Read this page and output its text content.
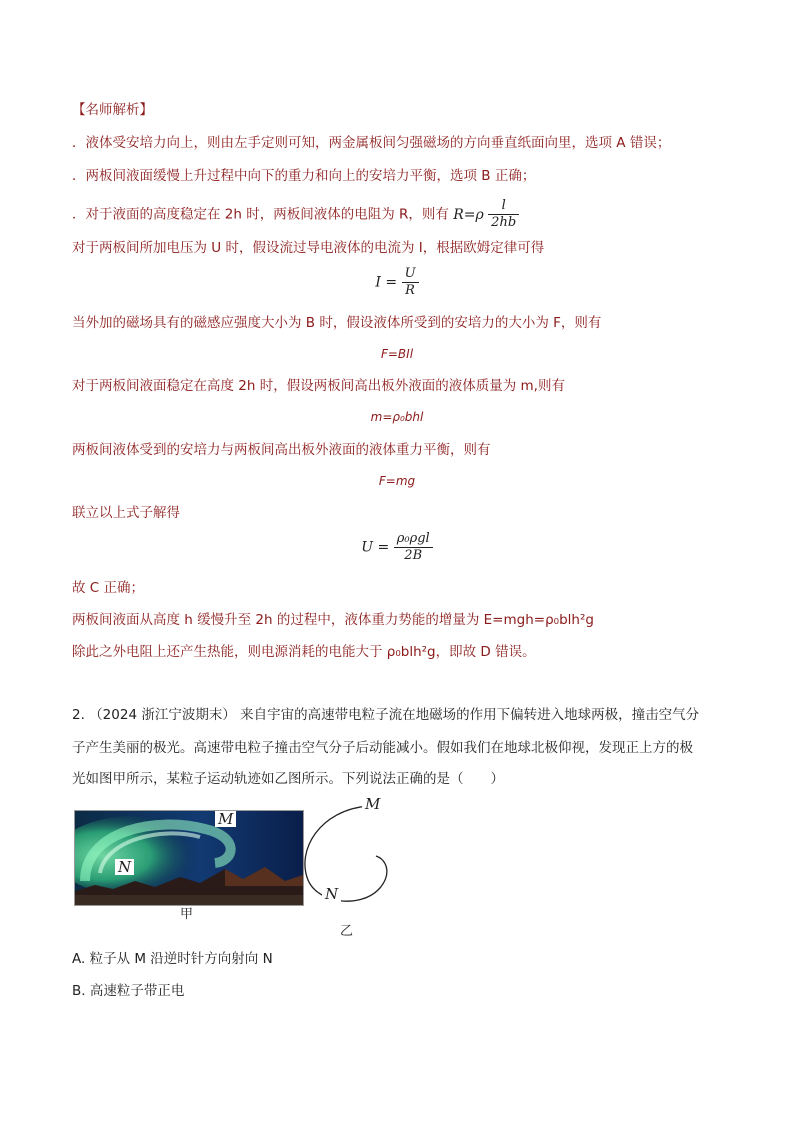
【名师解析】
．液体受安培力向上，则由左手定则可知，两金属板间匀强磁场的方向垂直纸面向里，选项 A 错误；
．两板间液面缓慢上升过程中向下的重力和向上的安培力平衡，选项 B 正确；
．对于液面的高度稳定在 2h 时，两板间液体的电阻为 R，则有 $R=\rho \frac{l}{2hb}$
对于两板间所加电压为 U 时，假设流过导电液体的电流为 I，根据欧姆定律可得
$I = \frac{U}{R}$
当外加的磁场具有的磁感应强度大小为 B 时，假设液体所受到的安培力的大小为 F，则有
F=BIl
对于两板间液面稳定在高度 2h 时，假设两板间高出板外液面的液体质量为 m,则有
m=ρ₀bhl
两板间液体受到的安培力与两板间高出板外液面的液体重力平衡，则有
F=mg
联立以上式子解得
$U = \frac{\text{ρ₀ρgl}}{2B}$
故 C 正确；
两板间液面从高度 h 缓慢升至 2h 的过程中，液体重力势能的增量为 E=mgh=ρ₀blh²g
除此之外电阻上还产生热能，则电源消耗的电能大于 ρ₀blh²g，即故 D 错误。
2. （2024 浙江宁波期末） 来自宇宙的高速带电粒子流在地磁场的作用下偏转进入地球两极，撞击空气分
子产生美丽的极光。高速带电粒子撞击空气分子后动能减小。假如我们在地球北极仰视，发现正上方的极
光如图甲所示，某粒子运动轨迹如乙图所示。下列说法正确的是（　　）
M
N
甲
M
N
乙
A. 粒子从 M 沿逆时针方向射向 N
B. 高速粒子带正电
